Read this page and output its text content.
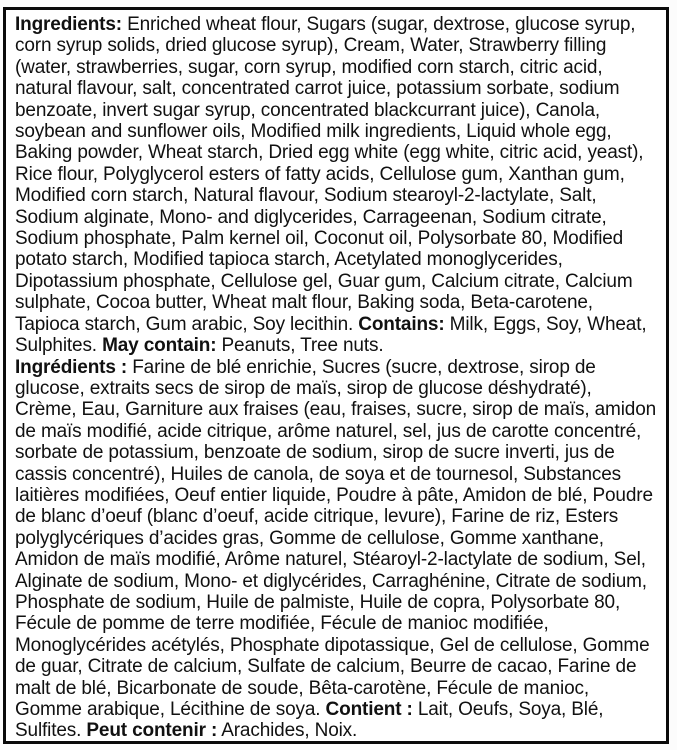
Ingredients: Enriched wheat flour, Sugars (sugar, dextrose, glucose syrup, corn syrup solids, dried glucose syrup), Cream, Water, Strawberry filling (water, strawberries, sugar, corn syrup, modified corn starch, citric acid, natural flavour, salt, concentrated carrot juice, potassium sorbate, sodium benzoate, invert sugar syrup, concentrated blackcurrant juice), Canola, soybean and sunflower oils, Modified milk ingredients, Liquid whole egg, Baking powder, Wheat starch, Dried egg white (egg white, citric acid, yeast), Rice flour, Polyglycerol esters of fatty acids, Cellulose gum, Xanthan gum, Modified corn starch, Natural flavour, Sodium stearoyl-2-lactylate, Salt, Sodium alginate, Mono- and diglycerides, Carrageenan, Sodium citrate, Sodium phosphate, Palm kernel oil, Coconut oil, Polysorbate 80, Modified potato starch, Modified tapioca starch, Acetylated monoglycerides, Dipotassium phosphate, Cellulose gel, Guar gum, Calcium citrate, Calcium sulphate, Cocoa butter, Wheat malt flour, Baking soda, Beta-carotene, Tapioca starch, Gum arabic, Soy lecithin. Contains: Milk, Eggs, Soy, Wheat, Sulphites. May contain: Peanuts, Tree nuts.

Ingrédients : Farine de blé enrichie, Sucres (sucre, dextrose, sirop de glucose, extraits secs de sirop de maïs, sirop de glucose déshydraté), Crème, Eau, Garniture aux fraises (eau, fraises, sucre, sirop de maïs, amidon de maïs modifié, acide citrique, arôme naturel, sel, jus de carotte concentré, sorbate de potassium, benzoate de sodium, sirop de sucre inverti, jus de cassis concentré), Huiles de canola, de soya et de tournesol, Substances laitières modifiées, Oeuf entier liquide, Poudre à pâte, Amidon de blé, Poudre de blanc d’oeuf (blanc d’oeuf, acide citrique, levure), Farine de riz, Esters polyglycériques d’acides gras, Gomme de cellulose, Gomme xanthane, Amidon de maïs modifié, Arôme naturel, Stéaroyl-2-lactylate de sodium, Sel, Alginate de sodium, Mono- et diglycérides, Carraghénine, Citrate de sodium, Phosphate de sodium, Huile de palmiste, Huile de copra, Polysorbate 80, Fécule de pomme de terre modifiée, Fécule de manioc modifiée, Monoglycérides acétylés, Phosphate dipotassique, Gel de cellulose, Gomme de guar, Citrate de calcium, Sulfate de calcium, Beurre de cacao, Farine de malt de blé, Bicarbonate de soude, Bêta-carotène, Fécule de manioc, Gomme arabique, Lécithine de soya. Contient : Lait, Oeufs, Soya, Blé, Sulfites. Peut contenir : Arachides, Noix.
